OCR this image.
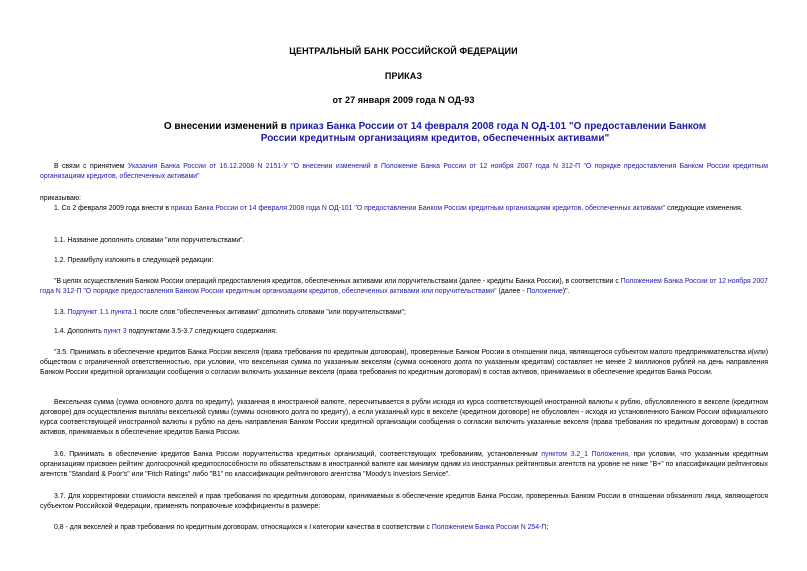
ЦЕНТРАЛЬНЫЙ БАНК РОССИЙСКОЙ ФЕДЕРАЦИИ
ПРИКАЗ
от 27 января 2009 года N ОД-93
О внесении изменений в приказ Банка России от 14 февраля 2008 года N ОД-101 "О предоставлении Банком России кредитным организациям кредитов, обеспеченных активами"
В связи с принятием Указания Банка России от 16.12.2008 N 2151-У "О внесении изменений в Положение Банка России от 12 ноября 2007 года N 312-П "О порядке предоставления Банком России кредитным организациям кредитов, обеспеченных активами"
приказываю:
1. Со 2 февраля 2009 года внести в приказ Банка России от 14 февраля 2008 года N ОД-101 "О предоставлении Банком России кредитным организациям кредитов, обеспеченных активами" следующие изменения.
1.1. Название дополнить словами "или поручительствами".
1.2. Преамбулу изложить в следующей редакции:
"В целях осуществления Банком России операций предоставления кредитов, обеспеченных активами или поручительствами (далее - кредиты Банка России), в соответствии с Положением Банка России от 12 ноября 2007 года N 312-П "О порядке предоставления Банком России кредитным организациям кредитов, обеспеченных активами или поручительствами" (далее - Положение)".
1.3. Подпункт 1.1 пункта 1 после слов "обеспеченных активами" дополнить словами "или поручительствами";
1.4. Дополнить пункт 3 подпунктами 3.5-3.7 следующего содержания:
"3.5. Принимать в обеспечение кредитов Банка России векселя (права требования по кредитным договорам), проверенные Банком России в отношении лица, являющегося субъектом малого предпринимательства и(или) обществом с ограниченной ответственностью, при условии, что вексельная сумма по указанным векселям (сумма основного долга по указанным кредитам) составляет не менее 2 миллионов рублей на день направления Банком России кредитной организации сообщения о согласии включить указанные векселя (права требования по кредитным договорам) в состав активов, принимаемых в обеспечение кредитов Банка России.
Вексельная сумма (сумма основного долга по кредиту), указанная в иностранной валюте, пересчитывается в рубли исходя из курса соответствующей иностранной валюты к рублю, обусловленного в векселе (кредитном договоре) для осуществления выплаты вексельной суммы (суммы основного долга по кредиту), а если указанный курс в векселе (кредитном договоре) не обусловлен - исходя из установленного Банком России официального курса соответствующей иностранной валюты к рублю на день направления Банком России кредитной организации сообщения о согласии включить указанные векселя (права требования по кредитным договорам) в состав активов, принимаемых в обеспечение кредитов Банка России.
3.6. Принимать в обеспечение кредитов Банка России поручительства кредитных организаций, соответствующих требованиям, установленным пунктом 3.2_1 Положения, при условии, что указанным кредитным организациям присвоен рейтинг долгосрочной кредитоспособности по обязательствам в иностранной валюте как минимум одним из иностранных рейтинговых агентств на уровне не ниже "B+" по классификации рейтинговых агентств "Standard & Poor's" или "Fitch Ratings" либо "B1" по классификации рейтингового агентства "Moody's Investors Service".
3.7. Для корректировки стоимости векселей и прав требования по кредитным договорам, принимаемых в обеспечение кредитов Банка России, проверенных Банком России в отношении обязанного лица, являющегося субъектом Российской Федерации, применять поправочные коэффициенты в размере:
0,8 - для векселей и прав требования по кредитным договорам, относящихся к I категории качества в соответствии с Положением Банка России N 254-П;
